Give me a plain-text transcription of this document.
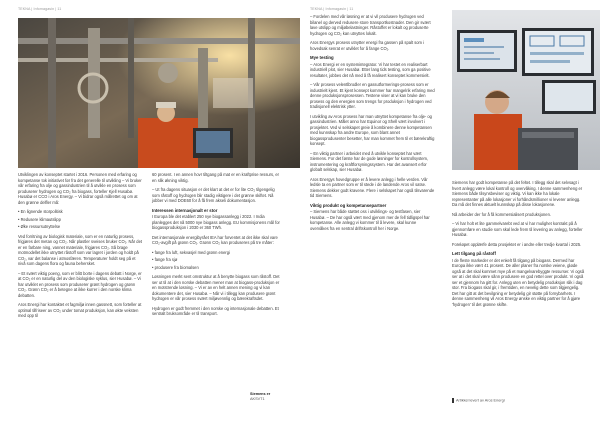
TEKNA | Infomagasin | 11

Utviklingen av konseptet startet i 2016. Personen med erfaring og kompetanse tok initiativet før fra det generelle til utvikling – Vi bruker vår erfaring fra olje og gassindustrien til å utvikle en prosess som produserer hydrogen og CO₂ fra biogass, forteller Kjell Husabø. Husabø er CCO i Aros Energy. – Vi bidrar også målrettet og om at den grønne delfler må:

• En lignende storpolitisk
• Redusere klimautslipp
• Øke ressursutnyttelse

Ved forritning av biologisk materiale, som er en naturlig prosess, frigjøres det metan og CO₂. Når plastler sveises bruker CO₂. Når det er en farbare ning, vannet materiale, frigjøres CO₂. Så brage motmodellet ikke utnyttet råstoff som var lagret i jorden og holdt på CO₂, var det balanse i atmosfæren. Temperaturer holdt seg på et nivå som dagens flora og fauna behersket.

– Et svært viktig poeng, som er blitt borte i dagens debatt i Norge, er at CO₂ er en naturlig del av den biologiske syklus, sier Husabø. – Vi har utviklet en prosess som produserer grønt hydrogen og grønn CO₂. Grønn CO₂ er å betegne at ikke kurrer i den norske klima debatten.

Aros Energi har kontaktet et fagmiljø innen gassnett, som forteller at optimal tilfriseer av CO₂ under tomat produksjon, kan økte veksten med opp til

60 prosent. I en annen hovr tiltgang på mat er en kraftprise ressurs, er en slik økning viktig.

– Ut fra dagens situasjon er det klart at det er for lite CO₂ tilgengelig som råstoff og hydrogen blir stadig viktigere i det grønne skiftet. Nå jobber vi med DOE60 for å få frem akseli dokumentasjon.

Interessen internasjonalt er stor

I Europa ble det etablert 250 nye biogassanlegg i 2022. I India planlegges det nå 5000 nye biogass anlegg. EU kommisjonens mål for biogassproduksjon i 2030 er 360 TWh.

Det internasjonale energibyrået IEA har forventet at det ikke skal vare CO₂-avgift på grønn CO₂. Grønn CO₂ kan produseres på tre måter:

• fange fra luft, sekvasjel med grønn energi
• fange fra sjø
• produsere fra biomalsen

Løsningen merkt sent omstruktur at å benytte biogass som råstoff. Det ser ut til at i den norske debatten mener man at biogass-produksjon er en motstrende løsning. – Vi er av en helt annen mening og vi kan dokumentere det, sier Husabø. – Når vi i tillegg kan produsere grønt hydrogen er vår prosess svært miljøvennlig og bærekraftsdet.

Hydrogen er godt fremmet i den norske og internasjonale debatten. Et sentralt bruksområde er til transport.

TEKNA | Infomagasin | 11

– Fordelen med vår løsning er at vi vil produsere hydrogen ved bilanel og derved redusere store transportkostnader. Den gir svært lave utslipp og miljøbelastninger. Råstoffet er lokalt og produserte hydrogen og CO₂ kan utnyttes lokalt.

Aros Energys prosess utnytter energi fra gassen på spalt som i hovedsak senrat er utviklet for å fange CO₂.

Mye testing

– Aros Energi er en systemintegrator. Vi har testet en realiserbart industriell plot, sier Husabø. Etter lang tids testing, som ga positive resultater, jobbes det nå med å få realisert konseptet kommersielt.

– Vår prosess velentlbrodler en gassutformerings-prosess som er industrielt kjent. Et kjent konsept kommer har mangelrik erfaring med denne produksjonsprosessen. Testene viser at vi kan bruke den prosess og den energien som trengs for produksjon i hydrogen ved tradisjonell elektrisk ytter.

I utvikling av Aros prosess har man utnyttet kompetanse fra olje- og gassindustrien. Målet anno har Equinor og Shell vært involvert i prosjektet. Ved vi selskapet greie å kombinere denne kompetansen med kunnskap fra andre Europe, som blant annet biogassprodusenter besetter, har man kommet frem til et bærekraftig konsept.

– En viktig partner i arbeidet med å utvikle konseptet har vært Siemens. For det første har de gode løsninger for kontrollsystem, instrumentering og kraftforsyningssystem. Har det avansert erfor globalt selskap, sier Husabø.

Aros Energys hovedgruppe er å levere anlegg i helle verden. Vår ledsle ta en partner som er til stede i de landende Aros vil satse. Siemens dekker godt kravene. Flere i selskapet har også tilsvarende tid Siemens.

Viktig produkt og kompetansepartner

– Siemens har både støttet oss i utviklings- og testfasen, sier Husabø. – De har også vært med gjenom mer de fell tidligspel har kompetanse. Alle anlegg vi kommer til å levere, skal kunne overvåkes fra en sentral driftskontroll her i Norge.

Siemens har godt kompetanse på det feltet. I tillegg skal det selvsagt i hvert anlegg være lokal kontroll og overvåking. I denne sammenheng er Siemens både tilsynsbeviser og viktig. Vi kan ikke ha lokale representanter på alle lokasjoner vi forhåndsmillioner vi leverer anlegg. Da må det finnes aktuelt kunnskap på disse lokasjonene.

Nå arbeider der for å få kommersialisert produksjonen.

– Vi har holt et lite gammelvarebt ved at vi har mulighet kontrakt på å gjennomføre en studie som skal lede frem til levering av anlegg, forteller Husabø.

Foreløpet opplærfe detta prosjektet er i andre eller tredje kvartal i 2025.

Lett tilgang på råstoff

I de fleste markeder er det enkelt få tilgang på biogass. Dermed har Europa ikke vært 41 prosent. De aller planer fra norske veiene, gløde også at det skal kommet mye på et mangelvarebyggte ressurser. Vi også ser at i det skal være sånn produsere en god rettel over produkt. Vi også ser et gjennom ha gitt for. Anlegg uten en betydelig produksjon slik i dag stor. Fra biogass skal gir, i fremtiden, en nevelig dette som tilgjengelig. Det har gitt at det bevilgning er betydelig gir støtte på fornybarhets. I denne sammenheng vil Aros Energy ønske en viktig partner for å gjøre 'hydrogen' til det grønne skifte.

Siemens er
AKSVT1	Artikkel levert av Aros Energi
